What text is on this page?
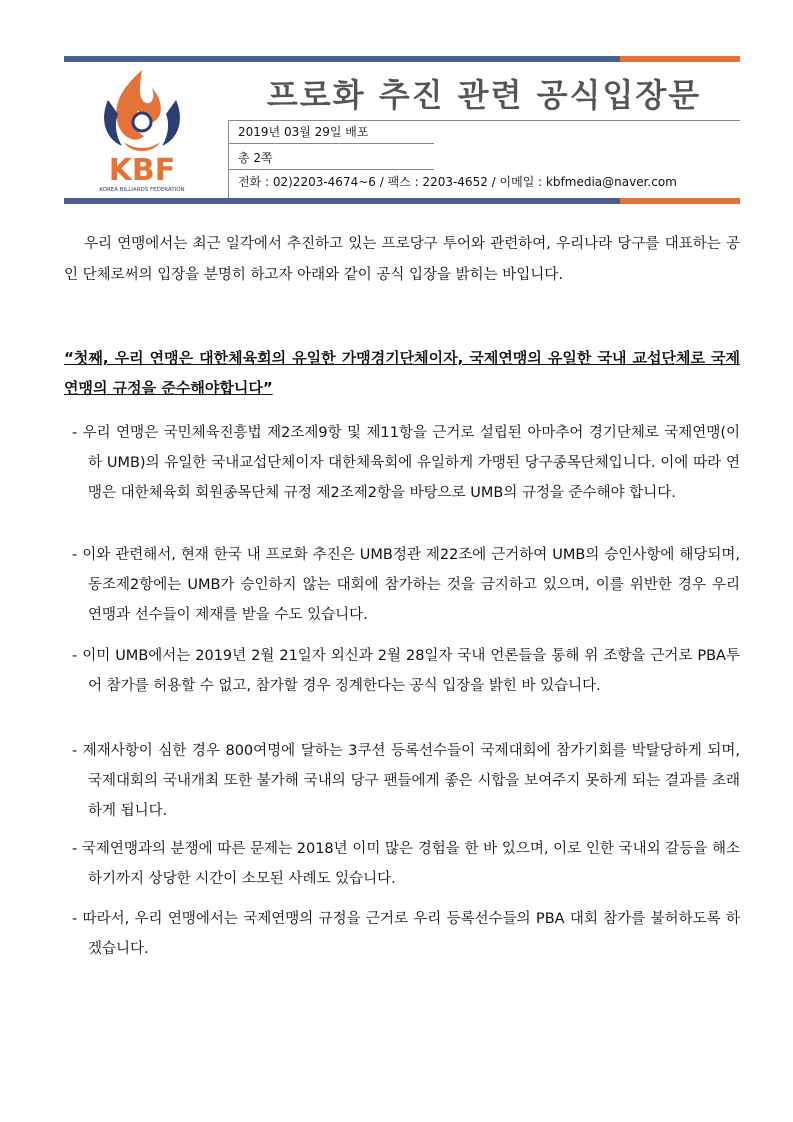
KBF
KOREA BILLIARDS FEDERATION
프로화 추진 관련 공식입장문
2019년 03월 29일 배포
총 2쪽
전화 : 02)2203-4674~6 / 팩스 : 2203-4652 / 이메일 : kbfmedia@naver.com
우리 연맹에서는 최근 일각에서 추진하고 있는 프로당구 투어와 관련하여, 우리나라 당구를 대표하는 공인 단체로써의 입장을 분명히 하고자 아래와 같이 공식 입장을 밝히는 바입니다.
“첫째, 우리 연맹은 대한체육회의 유일한 가맹경기단체이자, 국제연맹의 유일한 국내 교섭단체로 국제연맹의 규정을 준수해야합니다”
- 우리 연맹은 국민체육진흥법 제2조제9항 및 제11항을 근거로 설립된 아마추어 경기단체로 국제연맹(이하 UMB)의 유일한 국내교섭단체이자 대한체육회에 유일하게 가맹된 당구종목단체입니다. 이에 따라 연맹은 대한체육회 회원종목단체 규정 제2조제2항을 바탕으로 UMB의 규정을 준수해야 합니다.
- 이와 관련해서, 현재 한국 내 프로화 추진은 UMB정관 제22조에 근거하여 UMB의 승인사항에 해당되며, 동조제2항에는 UMB가 승인하지 않는 대회에 참가하는 것을 금지하고 있으며, 이를 위반한 경우 우리 연맹과 선수들이 제재를 받을 수도 있습니다.
- 이미 UMB에서는 2019년 2월 21일자 외신과 2월 28일자 국내 언론들을 통해 위 조항을 근거로 PBA투어 참가를 허용할 수 없고, 참가할 경우 징계한다는 공식 입장을 밝힌 바 있습니다.
- 제재사항이 심한 경우 800여명에 달하는 3쿠션 등록선수들이 국제대회에 참가기회를 박탈당하게 되며, 국제대회의 국내개최 또한 불가해 국내의 당구 팬들에게 좋은 시합을 보여주지 못하게 되는 결과를 초래하게 됩니다.
- 국제연맹과의 분쟁에 따른 문제는 2018년 이미 많은 경험을 한 바 있으며, 이로 인한 국내외 갈등을 해소하기까지 상당한 시간이 소모된 사례도 있습니다.
- 따라서, 우리 연맹에서는 국제연맹의 규정을 근거로 우리 등록선수들의 PBA 대회 참가를 불허하도록 하겠습니다.
